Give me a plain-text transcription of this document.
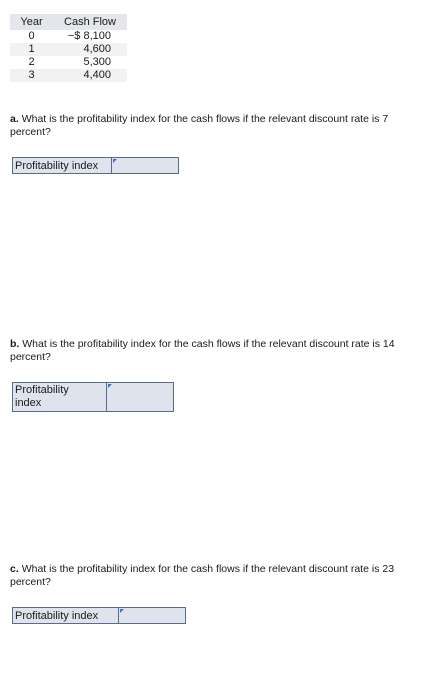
Year	Cash Flow
0	−$ 8,100
1	4,600
2	5,300
3	4,400
a. What is the profitability index for the cash flows if the relevant discount rate is 7 percent?
Profitability index
b. What is the profitability index for the cash flows if the relevant discount rate is 14 percent?
Profitability
index
c. What is the profitability index for the cash flows if the relevant discount rate is 23 percent?
Profitability index
